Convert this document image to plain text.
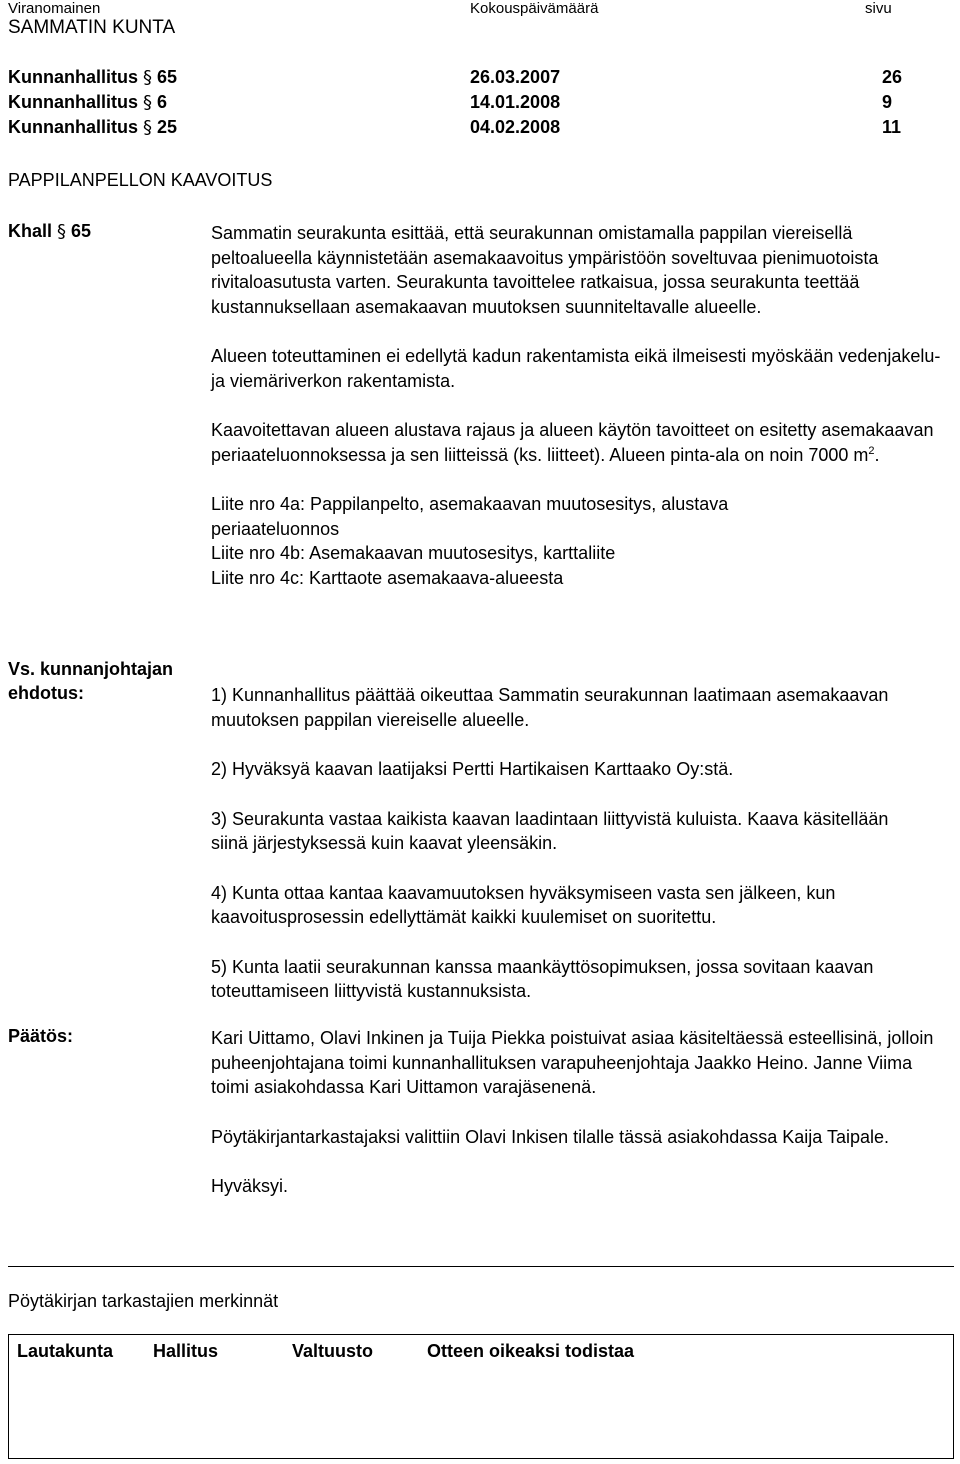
Viranomainen	Kokouspäivämäärä	sivu
SAMMATIN KUNTA
Kunnanhallitus § 65	26.03.2007	26
Kunnanhallitus § 6	14.01.2008	9
Kunnanhallitus § 25	04.02.2008	11
PAPPILANPELLON KAAVOITUS
Khall § 65	Sammatin seurakunta esittää, että seurakunnan omistamalla pappilan viereisellä peltoalueella käynnistetään asemakaavoitus ympäristöön soveltuvaa pienimuotoista rivitaloasutusta varten. Seurakunta tavoittelee ratkaisua, jossa seurakunta teettää kustannuksellaan asemakaavan muutoksen suunniteltavalle alueelle.

Alueen toteuttaminen ei edellytä kadun rakentamista eikä ilmeisesti myöskään vedenjakelu- ja viemäriverkon rakentamista.

Kaavoitettavan alueen alustava rajaus ja alueen käytön tavoitteet on esitetty asemakaavan periaateluonnoksessa ja sen liitteissä (ks. liitteet). Alueen pinta-ala on noin 7000 $m^2$.

Liite nro 4a: Pappilanpelto, asemakaavan muutosesitys, alustava periaateluonnos

Liite nro 4b: Asemakaavan muutosesitys, karttaliite

Liite nro 4c: Karttaote asemakaava-alueesta

Vs. kunnanjohtajan
ehdotus:	1) Kunnanhallitus päättää oikeuttaa Sammatin seurakunnan laatimaan asemakaavan muutoksen pappilan viereiselle alueelle.

2) Hyväksyä kaavan laatijaksi Pertti Hartikaisen Karttaako Oy:stä.

3) Seurakunta vastaa kaikista kaavan laadintaan liittyvistä kuluista. Kaava käsitellään siinä järjestyksessä kuin kaavat yleensäkin.

4) Kunta ottaa kantaa kaavamuutoksen hyväksymiseen vasta sen jälkeen, kun kaavoitusprosessin edellyttämät kaikki kuulemiset on suoritettu.

5) Kunta laatii seurakunnan kanssa maankäyttösopimuksen, jossa sovitaan kaavan toteuttamiseen liittyvistä kustannuksista.

Päätös:	Kari Uittamo, Olavi Inkinen ja Tuija Piekka poistuivat asiaa käsiteltäessä esteellisinä, jolloin puheenjohtajana toimi kunnanhallituksen varapuheenjohtaja Jaakko Heino. Janne Viima toimi asiakohdassa Kari Uittamon varajäsenenä.

Pöytäkirjantarkastajaksi valittiin Olavi Inkisen tilalle tässä asiakohdassa Kaija Taipale.

Hyväksyi.

Pöytäkirjan tarkastajien merkinnät
Lautakunta Hallitus	Valtuusto	Otteen oikeaksi todistaa
